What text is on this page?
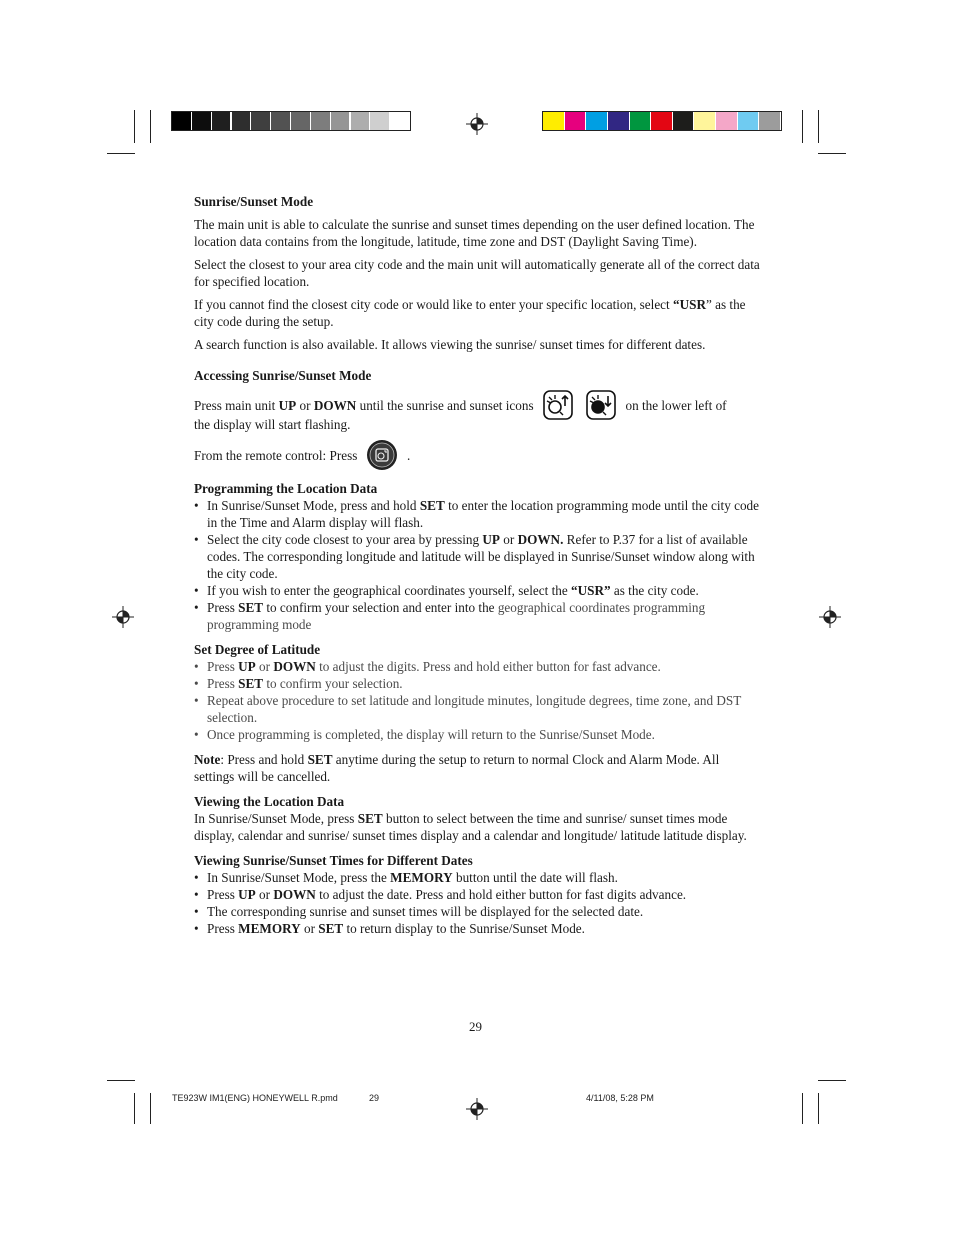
Sunrise/Sunset Mode

The main unit is able to calculate the sunrise and sunset times depending on the user defined location. The location data contains from the longitude, latitude, time zone and DST (Daylight Saving Time).

Select the closest to your area city code and the main unit will automatically generate all of the correct data for specified location.

If you cannot find the closest city code or would like to enter your specific location, select “USR” as the city code during the setup.

A search function is also available. It allows viewing the sunrise/ sunset times for different dates.

Accessing Sunrise/Sunset Mode

Press main unit UP or DOWN until the sunrise and sunset icons	on the lower left of

the display will start flashing.

From the remote control: Press	.

Programming the Location Data

• In Sunrise/Sunset Mode, press and hold SET to enter the location programming mode until the city code in the Time and Alarm display will flash.
• Select the city code closest to your area by pressing UP or DOWN. Refer to P.37 for a list of available codes. The corresponding longitude and latitude will be displayed in Sunrise/Sunset window along with the city code.
• If you wish to enter the geographical coordinates yourself, select the “USR” as the city code.
• Press SET to confirm your selection and enter into the geographical coordinates programming programming mode

Set Degree of Latitude

• Press UP or DOWN to adjust the digits. Press and hold either button for fast advance.
• Press SET to confirm your selection.
• Repeat above procedure to set latitude and longitude minutes, longitude degrees, time zone, and DST selection.
• Once programming is completed, the display will return to the Sunrise/Sunset Mode.

Note: Press and hold SET anytime during the setup to return to normal Clock and Alarm Mode. All settings will be cancelled.

Viewing the Location Data

In Sunrise/Sunset Mode, press SET button to select between the time and sunrise/ sunset times mode display, calendar and sunrise/ sunset times display and a calendar and longitude/ latitude latitude display.

Viewing Sunrise/Sunset Times for Different Dates

• In Sunrise/Sunset Mode, press the MEMORY button until the date will flash.
• Press UP or DOWN to adjust the date. Press and hold either button for fast digits advance.
• The corresponding sunrise and sunset times will be displayed for the selected date.
• Press MEMORY or SET to return display to the Sunrise/Sunset Mode.
29
TE923W IM1(ENG) HONEYWELL R.pmd	29	4/11/08, 5:28 PM
